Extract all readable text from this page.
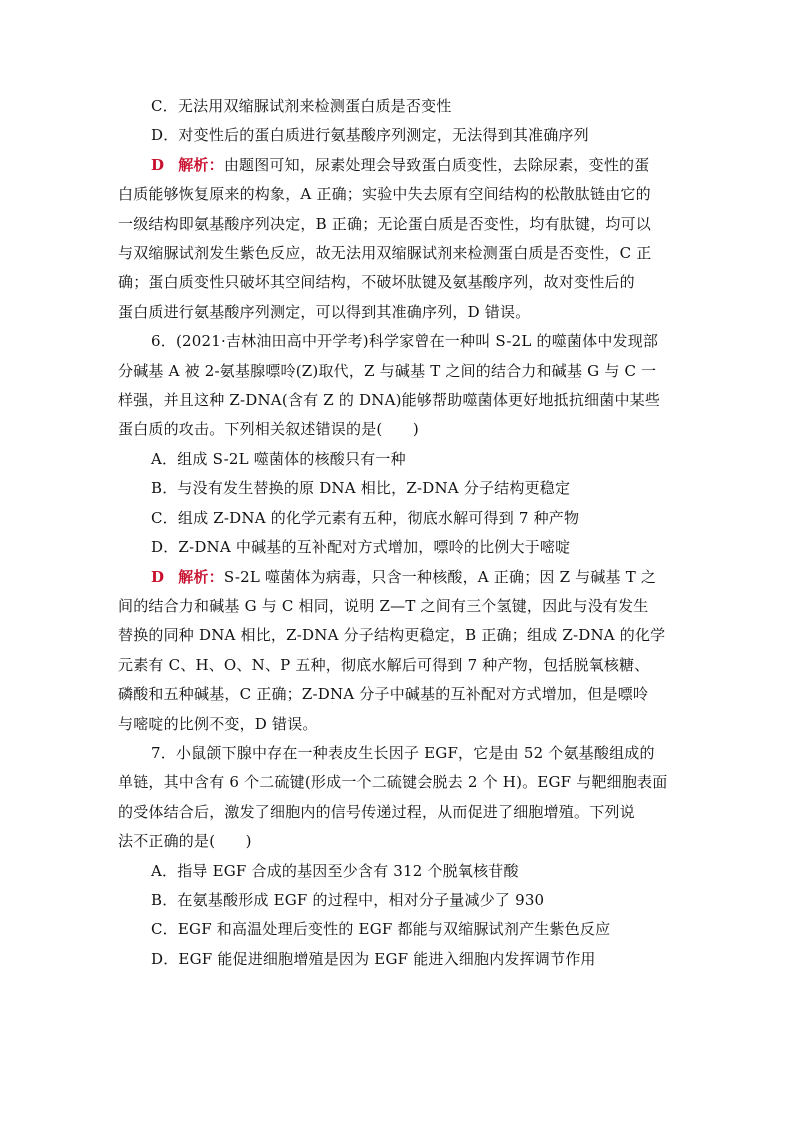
C．无法用双缩脲试剂来检测蛋白质是否变性
D．对变性后的蛋白质进行氨基酸序列测定，无法得到其准确序列
D 解析：由题图可知，尿素处理会导致蛋白质变性，去除尿素，变性的蛋
白质能够恢复原来的构象，A 正确；实验中失去原有空间结构的松散肽链由它的
一级结构即氨基酸序列决定，B 正确；无论蛋白质是否变性，均有肽键，均可以
与双缩脲试剂发生紫色反应，故无法用双缩脲试剂来检测蛋白质是否变性，C 正
确；蛋白质变性只破坏其空间结构，不破坏肽键及氨基酸序列，故对变性后的
蛋白质进行氨基酸序列测定，可以得到其准确序列，D 错误。
6．(2021·吉林油田高中开学考)科学家曾在一种叫 S-2L 的噬菌体中发现部
分碱基 A 被 2-氨基腺嘌呤(Z)取代，Z 与碱基 T 之间的结合力和碱基 G 与 C 一
样强，并且这种 Z-DNA(含有 Z 的 DNA)能够帮助噬菌体更好地抵抗细菌中某些
蛋白质的攻击。下列相关叙述错误的是(　　)
A．组成 S-2L 噬菌体的核酸只有一种
B．与没有发生替换的原 DNA 相比，Z-DNA 分子结构更稳定
C．组成 Z-DNA 的化学元素有五种，彻底水解可得到 7 种产物
D．Z-DNA 中碱基的互补配对方式增加，嘌呤的比例大于嘧啶
D 解析：S-2L 噬菌体为病毒，只含一种核酸，A 正确；因 Z 与碱基 T 之
间的结合力和碱基 G 与 C 相同，说明 Z—T 之间有三个氢键，因此与没有发生
替换的同种 DNA 相比，Z-DNA 分子结构更稳定，B 正确；组成 Z-DNA 的化学
元素有 C、H、O、N、P 五种，彻底水解后可得到 7 种产物，包括脱氧核糖、
磷酸和五种碱基，C 正确；Z-DNA 分子中碱基的互补配对方式增加，但是嘌呤
与嘧啶的比例不变，D 错误。
7．小鼠颌下腺中存在一种表皮生长因子 EGF，它是由 52 个氨基酸组成的
单链，其中含有 6 个二硫键(形成一个二硫键会脱去 2 个 H)。EGF 与靶细胞表面
的受体结合后，激发了细胞内的信号传递过程，从而促进了细胞增殖。下列说
法不正确的是(　　)
A．指导 EGF 合成的基因至少含有 312 个脱氧核苷酸
B．在氨基酸形成 EGF 的过程中，相对分子量减少了 930
C．EGF 和高温处理后变性的 EGF 都能与双缩脲试剂产生紫色反应
D．EGF 能促进细胞增殖是因为 EGF 能进入细胞内发挥调节作用
